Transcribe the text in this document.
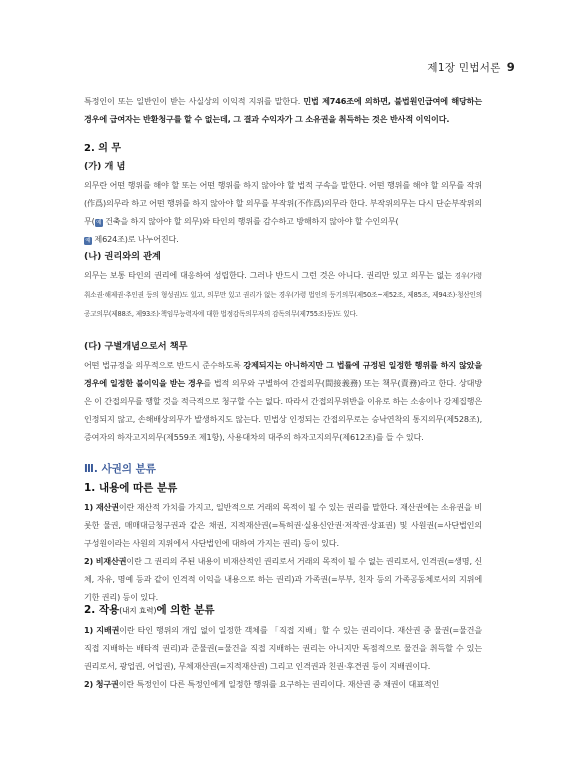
제1장 민법서론 9

특정인이 또는 일반인이 받는 사실상의 이익적 지위를 말한다. 민법 제746조에 의하면, 불법원인급여에 해당하는 경우에 급여자는 반환청구를 할 수 없는데, 그 결과 수익자가 그 소유권을 취득하는 것은 반사적 이익이다.

2. 의 무
(가) 개 념

의무란 어떤 행위를 해야 할 또는 어떤 행위를 하지 않아야 할 법적 구속을 말한다. 어떤 행위를 해야 할 의무를 작위(作爲)의무라 하고 어떤 행위를 하지 않아야 할 의무를 부작위(不作爲)의무라 한다. 부작위의무는 다시 단순부작위의무(예 건축을 하지 않아야 할 의무)와 타인의 행위를 감수하고 방해하지 않아야 할 수인의무(
예 제624조)로 나누어진다.

(나) 권리와의 관계

의무는 보통 타인의 권리에 대응하여 성립한다. 그러나 반드시 그런 것은 아니다. 권리만 있고 의무는 없는 경우(가령 취소권·해제권·추인권 등의 형성권)도 있고, 의무만 있고 권리가 없는 경우(가령 법인의 등기의무(제50조~제52조, 제85조, 제94조)·청산인의 공고의무(제88조, 제93조)·책임무능력자에 대한 법정감독의무자의 감독의무(제755조)등)도 있다.

(다) 구별개념으로서 책무

어떤 법규정을 의무적으로 반드시 준수하도록 강제되지는 아니하지만 그 법률에 규정된 일정한 행위를 하지 않았을 경우에 일정한 불이익을 받는 경우를 법적 의무와 구별하여 간접의무(間接義務) 또는 책무(責務)라고 한다. 상대방은 이 간접의무를 행할 것을 적극적으로 청구할 수는 없다. 따라서 간접의무위반을 이유로 하는 소송이나 강제집행은 인정되지 않고, 손해배상의무가 발생하지도 않는다. 민법상 인정되는 간접의무로는 승낙연착의 통지의무(제528조), 증여자의 하자고지의무(제559조 제1항), 사용대차의 대주의 하자고지의무(제612조)를 들 수 있다.

Ⅲ. 사권의 분류
1. 내용에 따른 분류

1) 재산권이란 재산적 가치를 가지고, 일반적으로 거래의 목적이 될 수 있는 권리를 말한다. 재산권에는 소유권을 비롯한 물권, 매매대금청구권과 같은 채권, 지적재산권(=특허권·실용신안권·저작권·상표권) 및 사원권(=사단법인의 구성원이라는 사원의 지위에서 사단법인에 대하여 가지는 권리) 등이 있다.

2) 비재산권이란 그 권리의 주된 내용이 비재산적인 권리로서 거래의 목적이 될 수 없는 권리로서, 인격권(=생명, 신체, 자유, 명예 등과 같이 인격적 이익을 내용으로 하는 권리)과 가족권(=부부, 친자 등의 가족공동체로서의 지위에 기한 권리) 등이 있다.

2. 작용(내지 효력)에 의한 분류

1) 지배권이란 타인 행위의 개입 없이 일정한 객체를 「직접 지배」할 수 있는 권리이다. 재산권 중 물권(=물건을 직접 지배하는 배타적 권리)과 준물권(=물건을 직접 지배하는 권리는 아니지만 독점적으로 물건을 취득할 수 있는 권리로서, 광업권, 어업권), 무체재산권(=지적재산권) 그리고 인격권과 친권·후견권 등이 지배권이다.

2) 청구권이란 특정인이 다른 특정인에게 일정한 행위를 요구하는 권리이다. 재산권 중 채권이 대표적인
